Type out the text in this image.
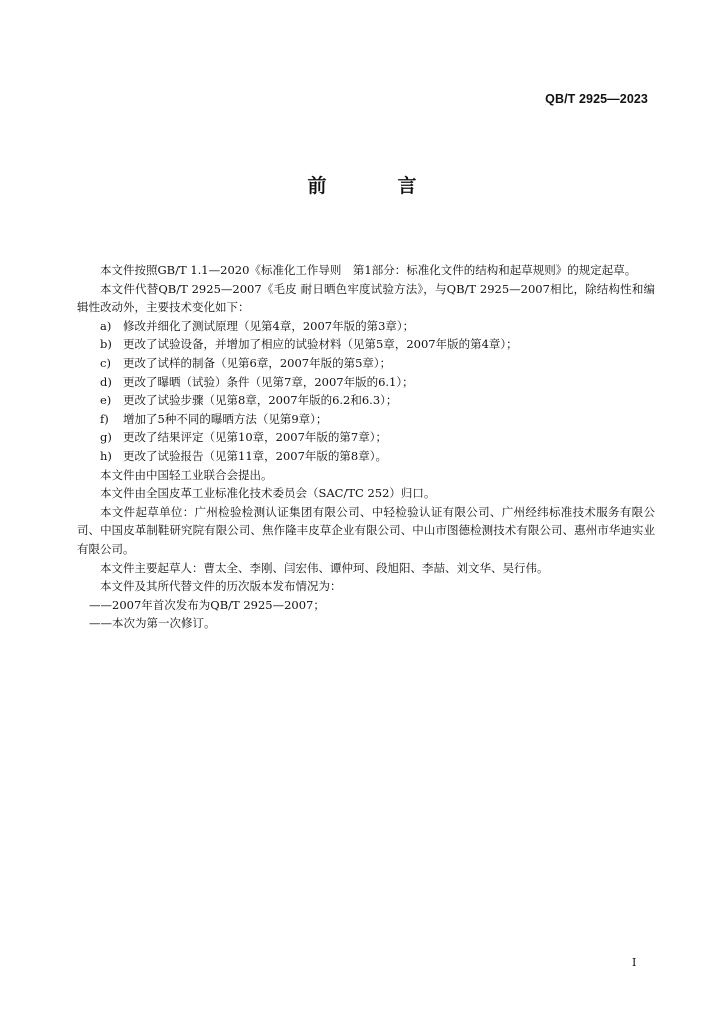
QB/T 2925—2023
前　言

本文件按照GB/T 1.1—2020《标准化工作导则　第1部分：标准化文件的结构和起草规则》的规定起草。

本文件代替QB/T 2925—2007《毛皮 耐日晒色牢度试验方法》，与QB/T 2925—2007相比，除结构性和编辑性改动外，主要技术变化如下：

a) 修改并细化了测试原理（见第4章，2007年版的第3章）；

b) 更改了试验设备，并增加了相应的试验材料（见第5章，2007年版的第4章）；

c) 更改了试样的制备（见第6章，2007年版的第5章）；

d) 更改了曝晒（试验）条件（见第7章，2007年版的6.1）；

e) 更改了试验步骤（见第8章，2007年版的6.2和6.3）；

f) 增加了5种不同的曝晒方法（见第9章）；

g) 更改了结果评定（见第10章，2007年版的第7章）；

h) 更改了试验报告（见第11章，2007年版的第8章）。

本文件由中国轻工业联合会提出。

本文件由全国皮革工业标准化技术委员会（SAC/TC 252）归口。

本文件起草单位：广州检验检测认证集团有限公司、中轻检验认证有限公司、广州经纬标准技术服务有限公司、中国皮革制鞋研究院有限公司、焦作隆丰皮草企业有限公司、中山市图德检测技术有限公司、惠州市华迪实业有限公司。

本文件主要起草人：曹太全、李刚、闫宏伟、谭仲珂、段旭阳、李喆、刘文华、吴行伟。

本文件及其所代替文件的历次版本发布情况为：

——2007年首次发布为QB/T 2925—2007；

——本次为第一次修订。

I
